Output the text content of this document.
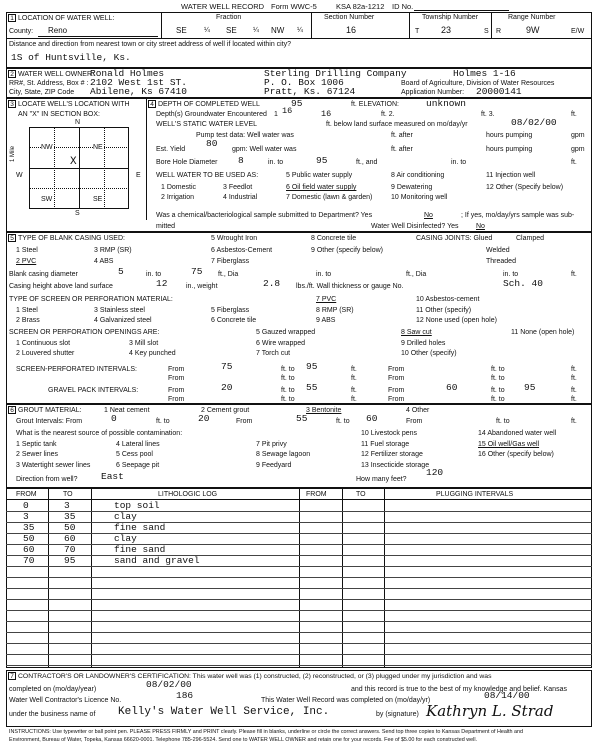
WATER WELL RECORD Form WWC-5	KSA 82a-1212 ID No.
1 LOCATION OF WATER WELL:
County: Reno
Fraction
SE ¼ SE ¼ NW ¼
Section Number
16
Township Number
T 23	S
Range Number
R	9W	E/W
Distance and direction from nearest town or city street address of well if located within city?
1S of Huntsville, Ks.
2 WATER WELL OWNER:
Ronald Holmes	Sterling Drilling Company
RR#, St. Address, Box # : 2102 West 1st ST.	P. O. Box 1006
City, State, ZIP Code Abilene, Ks 67410	Pratt, Ks. 67124
Holmes 1-16
Board of Agriculture, Division of Water Resources
Application Number: 20000141
3 LOCATE WELL'S LOCATION WITH
AN "X" IN SECTION BOX:
N
S
W	E
1 Mile	NW	NE
SW	SE
X
4 DEPTH OF COMPLETED WELL	95	ft. ELEVATION:	unknown
Depth(s) Groundwater Encountered 1 16	16	ft. 2.	ft. 3.	ft.
WELL'S STATIC WATER LEVEL	ft. below land surface measured on mo/day/yr	08/02/00
Pump test data: Well water was	ft. after	hours pumping	gpm
Est. Yield
80
gpm: Well water was	ft. after	hours pumping	gpm
Bore Hole Diameter 8	in. to	95	ft., and	in. to	ft.
WELL WATER TO BE USED AS:
1 Domestic
2 Irrigation
3 Feedlot
4 Industrial
5 Public water supply
6 Oil field water supply
7 Domestic (lawn & garden)
8 Air conditioning
9 Dewatering
10 Monitoring well
11 Injection well
12 Other (Specify below)
Was a chemical/bacteriological sample submitted to Department? Yes	No	; If yes, mo/day/yrs sample was sub-
mitted	Water Well Disinfected? Yes No
5 TYPE OF BLANK CASING USED:
1 Steel
2 PVC
3 RMP (SR)
4 ABS
5 Wrought Iron
6 Asbestos-Cement
7 Fiberglass
8 Concrete tile
9 Other (specify below)
CASING JOINTS: Glued	Clamped
Welded
Threaded
Blank casing diameter	5	in. to	75 ft., Dia	in. to	ft., Dia	in. to	ft.
Casing height above land surface	12	in., weight	2.8 lbs./ft. Wall thickness or gauge No.	Sch. 40
TYPE OF SCREEN OR PERFORATION MATERIAL:
1 Steel
2 Brass
3 Stainless steel
4 Galvanized steel
5 Fiberglass
6 Concrete tile
7 PVC
8 RMP (SR)
9 ABS
10 Asbestos-cement
11 Other (specify)
12 None used (open hole)
SCREEN OR PERFORATION OPENINGS ARE:
1 Continuous slot
2 Louvered shutter
3 Mill slot
4 Key punched
5 Gauzed wrapped
6 Wire wrapped
7 Torch cut
8 Saw cut
9 Drilled holes
10 Other (specify)
11 None (open hole)
SCREEN-PERFORATED INTERVALS:	From	75	ft. to 95	ft.	From	ft. to	ft.
From	ft. to	ft.	From	ft. to	ft.
GRAVEL PACK INTERVALS:	From	20	ft. to 55	ft.	From	60	ft. to 95	ft.
From	ft. to	ft.	From	ft. to	ft.
6 GROUT MATERIAL:	1 Neat cement	2 Cement grout	3 Bentonite	4 Other
Grout Intervals: From	0	ft. to	20	From	55	ft. to 60	From	ft. to	ft.
What is the nearest source of possible contamination:
1 Septic tank
2 Sewer lines
3 Watertight sewer lines
4 Lateral lines
5 Cess pool
6 Seepage pit
7 Pit privy
8 Sewage lagoon
9 Feedyard
10 Livestock pens
11 Fuel storage
12 Fertilizer storage
13 Insecticide storage
14 Abandoned water well
15 Oil well/Gas well
16 Other (specify below)
Direction from well? East	How many feet?
120
FROM	TO	LITHOLOGIC LOG	FROM	TO	PLUGGING INTERVALS
0	3	top soil
3	35	clay
35	50	fine sand
50	60	clay
60	70	fine sand
70	95	sand and gravel
7 CONTRACTOR'S OR LANDOWNER'S CERTIFICATION: This water well was (1) constructed, (2) reconstructed, or (3) plugged under my jurisdiction and was
completed on (mo/day/year)	08/02/00	and this record is true to the best of my knowledge and belief. Kansas
Water Well Contractor's Licence No.	186	This Water Well Record was completed on (mo/day/yr)	08/14/00
under the business name of Kelly's Water Well Service, Inc.	by (signature) Kathryn L. Strad
INSTRUCTIONS: Use typewriter or ball point pen. PLEASE PRESS FIRMLY and PRINT clearly. Please fill in blanks, underline or circle the correct answers. Send top three copies to Kansas Department of Health and
Environment, Bureau of Water, Topeka, Kansas 66620-0001. Telephone 785-296-5524. Send one to WATER WELL OWNER and retain one for your records. Fee of $5.00 for each constructed well.
